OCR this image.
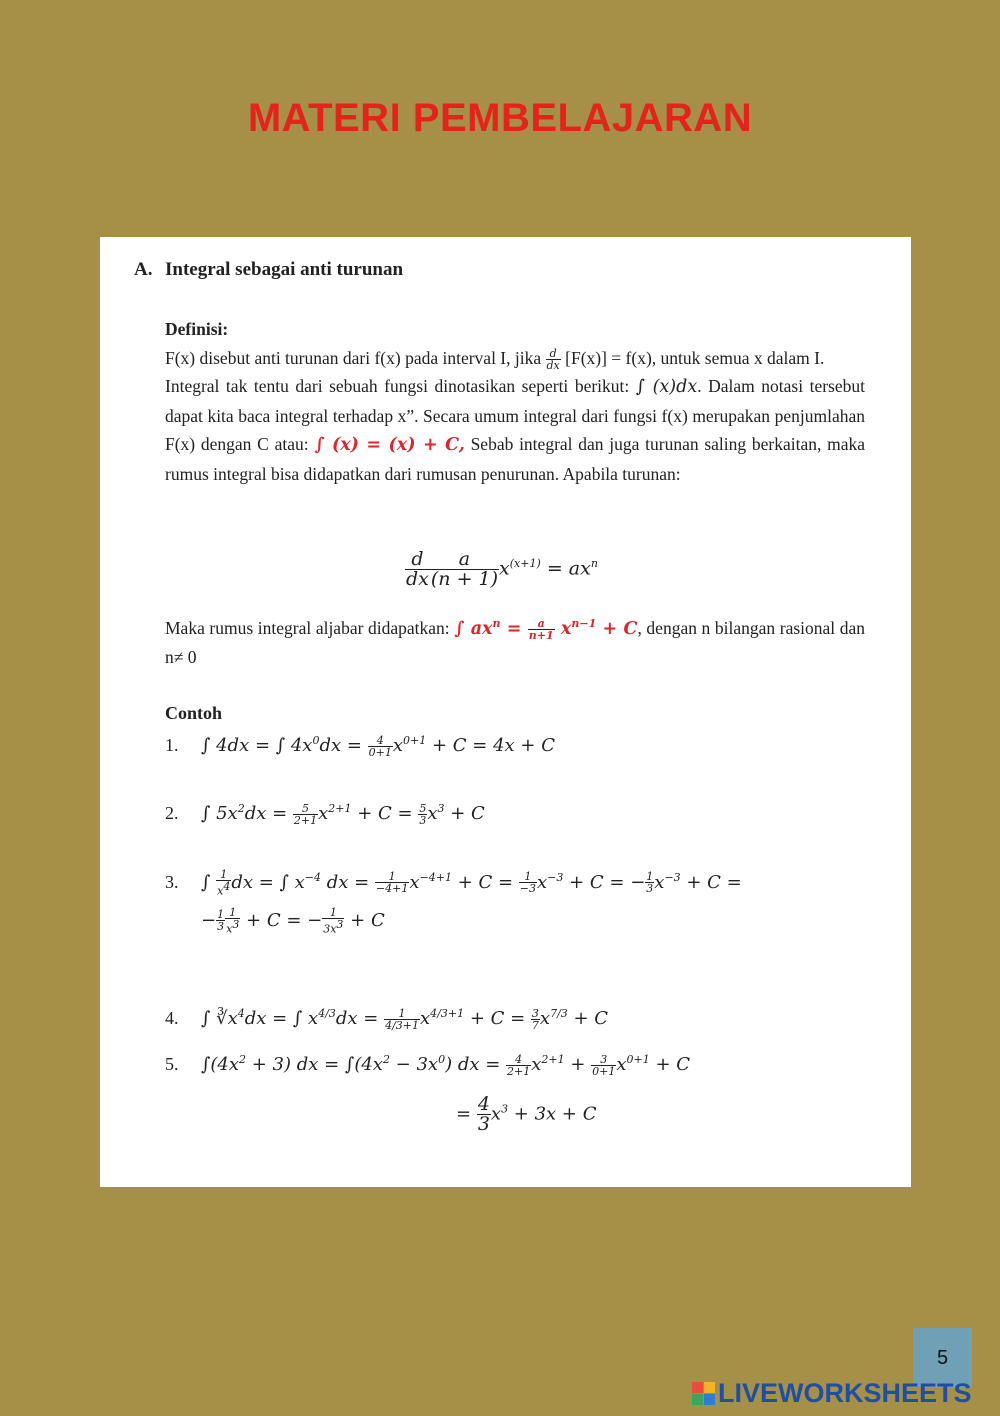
MATERI PEMBELAJARAN
A. Integral sebagai anti turunan

Definisi:

F(x) disebut anti turunan dari f(x) pada interval I, jika $\frac{d}{dx} [F(x)] = f(x)$, untuk semua x dalam I.

Integral tak tentu dari sebuah fungsi dinotasikan seperti berikut: ∫ (x)dx. Dalam notasi tersebut dapat kita baca integral terhadap x”. Secara umum integral dari fungsi f(x) merupakan penjumlahan F(x) dengan C atau: ∫ (x) = (x) + C, Sebab integral dan juga turunan saling berkaitan, maka rumus integral bisa didapatkan dari rumusan penurunan. Apabila turunan:

$\frac{d}{dx} \frac{a}{(n + 1)} x^{(x+1)} = ax^n$

Maka rumus integral aljabar didapatkan: ∫ $ax^n = \frac{a}{n+1} x^{n-1} + C$, dengan n bilangan rasional dan n≠ 0

Contoh
1. ∫ 4dx = ∫ $4x^0dx = \frac{4}{0+1} x^{0+1} + C = 4x + C$
2. ∫ $5x^2dx = \frac{5}{2+1} x^{2+1} + C = \frac{5}{3} x^3 + C$
3. ∫ $\frac{1}{x^4}$ dx = ∫ $x^{-4}$ dx = $\frac{1}{-4+1} x^{-4+1} + C = \frac{1}{-3} x^{-3} + C$ = − $\frac{1}{3} x^{-3} + C$ =
− $\frac{1}{3} \frac{1}{x^3} + C$ = − $\frac{1}{3x^3} + C$
4. ∫ $∛x^4dx$ = ∫ $x^{4/3}dx = \frac{1}{4/3+1} x^{4/3+1} + C = \frac{3}{7} x^{7/3} + C$
5. $\int(4x^2 + 3)$ dx = $\int(4x^2 - 3x^0)$ dx = $\frac{4}{2+1} x^{2+1} + \frac{3}{0+1} x^{0+1} + C$
= $\frac{4}{3} x^3 + 3x + C$
5
LIVEWORKSHEETS
